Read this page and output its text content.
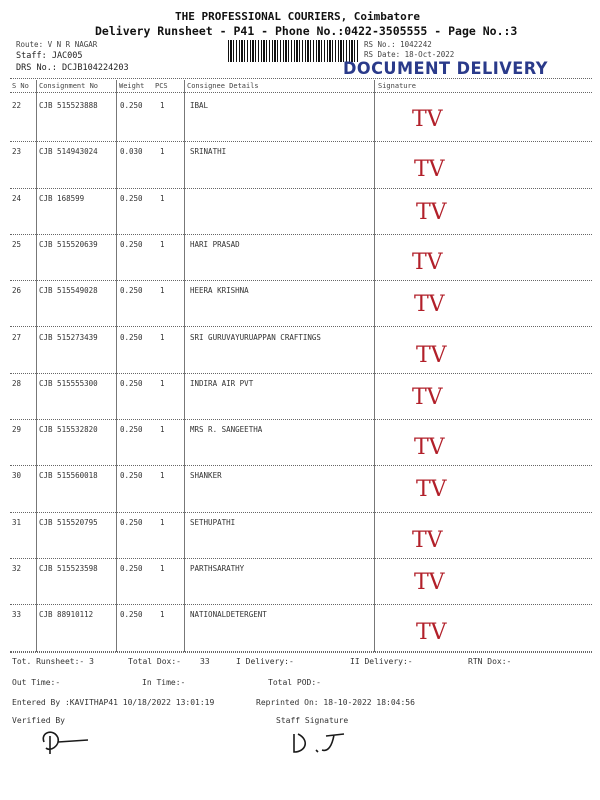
THE PROFESSIONAL COURIERS, Coimbatore
Delivery Runsheet - P41 - Phone No.:0422-3505555 - Page No.:3
Route: V N R NAGAR
Staff: JAC005
DRS No.: DCJB104224203
RS No.: 1042242
RS Date: 18-Oct-2022
DOCUMENT DELIVERY
S No Consignment No	Weight PCS	Consignee Details	Signature
22 CJB 515523888	0.250 1	IBAL
TV
23 CJB 514943024	0.030 1	SRINATHI
TV
24 CJB 168599	0.250 1
TV
25 CJB 515520639	0.250 1	HARI PRASAD
TV
26 CJB 515549028	0.250 1	HEERA KRISHNA
TV
27 CJB 515273439	0.250 1	SRI GURUVAYURUAPPAN CRAFTINGS
TV
28 CJB 515555300	0.250 1	INDIRA AIR PVT
TV
29 CJB 515532820	0.250 1	MRS R. SANGEETHA
TV
30 CJB 515560018	0.250 1	SHANKER
TV
31 CJB 515520795	0.250 1	SETHUPATHI
TV
32 CJB 515523598	0.250 1	PARTHSARATHY
TV
33 CJB 88910112	0.250 1	NATIONALDETERGENT
TV
Tot. Runsheet:- 3	Total Dox:- 33	I Delivery:-	II Delivery:-	RTN Dox:-
Out Time:-	In Time:-	Total POD:-
Entered By :KAVITHAP41 10/18/2022 13:01:19	Reprinted On: 18-10-2022 18:04:56
Verified By	Staff Signature
